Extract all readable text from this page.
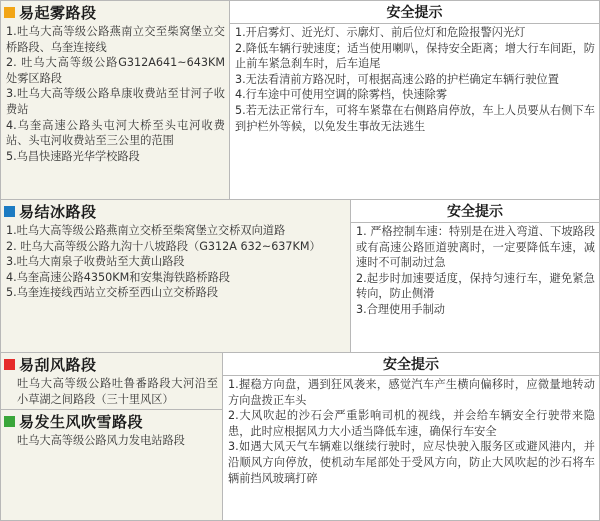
易起雾路段

1.吐乌大高等级公路燕南立交至柴窝堡立交桥路段、乌奎连接线

2. 吐乌大高等级公路G312A641~643KM处雾区路段

3.吐乌大高等级公路阜康收费站至甘河子收费站

4.乌奎高速公路头屯河大桥至头屯河收费站、头屯河收费站至三公里的范围

5.乌昌快速路光华学校路段

安全提示

1.开启雾灯、近光灯、示廓灯、前后位灯和危险报警闪光灯

2.降低车辆行驶速度；适当使用喇叭，保持安全距离；增大行车间距，防止前车紧急刹车时，后车追尾

3.无法看清前方路况时，可根据高速公路的护栏确定车辆行驶位置

4.行车途中可使用空调的除雾档，快速除雾

5.若无法正常行车，可将车紧靠在右侧路肩停放，车上人员要从右侧下车到护栏外等候，以免发生事故无法逃生

易结冰路段

1.吐乌大高等级公路燕南立交桥至柴窝堡立交桥双向道路

2. 吐乌大高等级公路九沟十八坡路段（G312A 632~637KM）

3.吐乌大南泉子收费站至大黄山路段

4.乌奎高速公路4350KM和安集海铁路桥路段

5.乌奎连接线西站立交桥至西山立交桥路段

安全提示

1. 严格控制车速：特别是在进入弯道、下坡路段或有高速公路匝道驶离时，一定要降低车速，减速时不可制动过急

2.起步时加速要适度，保持匀速行车，避免紧急转向，防止侧滑

3.合理使用手制动

易刮风路段

吐乌大高等级公路吐鲁番路段大河沿至小草湖之间路段（三十里风区）

易发生风吹雪路段

吐乌大高等级公路风力发电站路段

安全提示

1.握稳方向盘，遇到狂风袭来，感觉汽车产生横向偏移时，应微量地转动方向盘拨正车头

2.大风吹起的沙石会严重影响司机的视线，并会给车辆安全行驶带来隐患，此时应根据风力大小适当降低车速，确保行车安全

3.如遇大风天气车辆难以继续行驶时，应尽快驶入服务区或避风港内，并沿顺风方向停放，使机动车尾部处于受风方向，防止大风吹起的沙石将车辆前挡风玻璃打碎
